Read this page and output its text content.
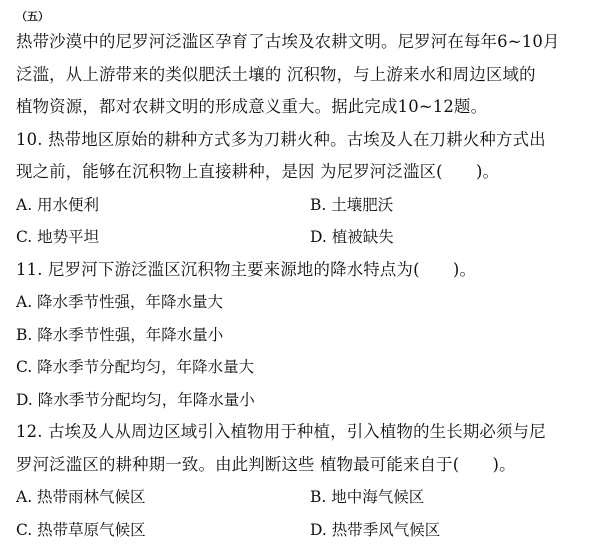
（五）
热带沙漠中的尼罗河泛滥区孕育了古埃及农耕文明。尼罗河在每年6~10月
泛滥，从上游带来的类似肥沃土壤的 沉积物，与上游来水和周边区域的
植物资源，都对农耕文明的形成意义重大。据此完成10~12题。
10. 热带地区原始的耕种方式多为刀耕火种。古埃及人在刀耕火种方式出
现之前，能够在沉积物上直接耕种，是因 为尼罗河泛滥区(　　)。
A. 用水便利	B. 土壤肥沃
C. 地势平坦	D. 植被缺失
11. 尼罗河下游泛滥区沉积物主要来源地的降水特点为(　　)。
A. 降水季节性强，年降水量大
B. 降水季节性强，年降水量小
C. 降水季节分配均匀，年降水量大
D. 降水季节分配均匀，年降水量小
12. 古埃及人从周边区域引入植物用于种植，引入植物的生长期必须与尼
罗河泛滥区的耕种期一致。由此判断这些 植物最可能来自于(　　)。
A. 热带雨林气候区	B. 地中海气候区
C. 热带草原气候区	D. 热带季风气候区
